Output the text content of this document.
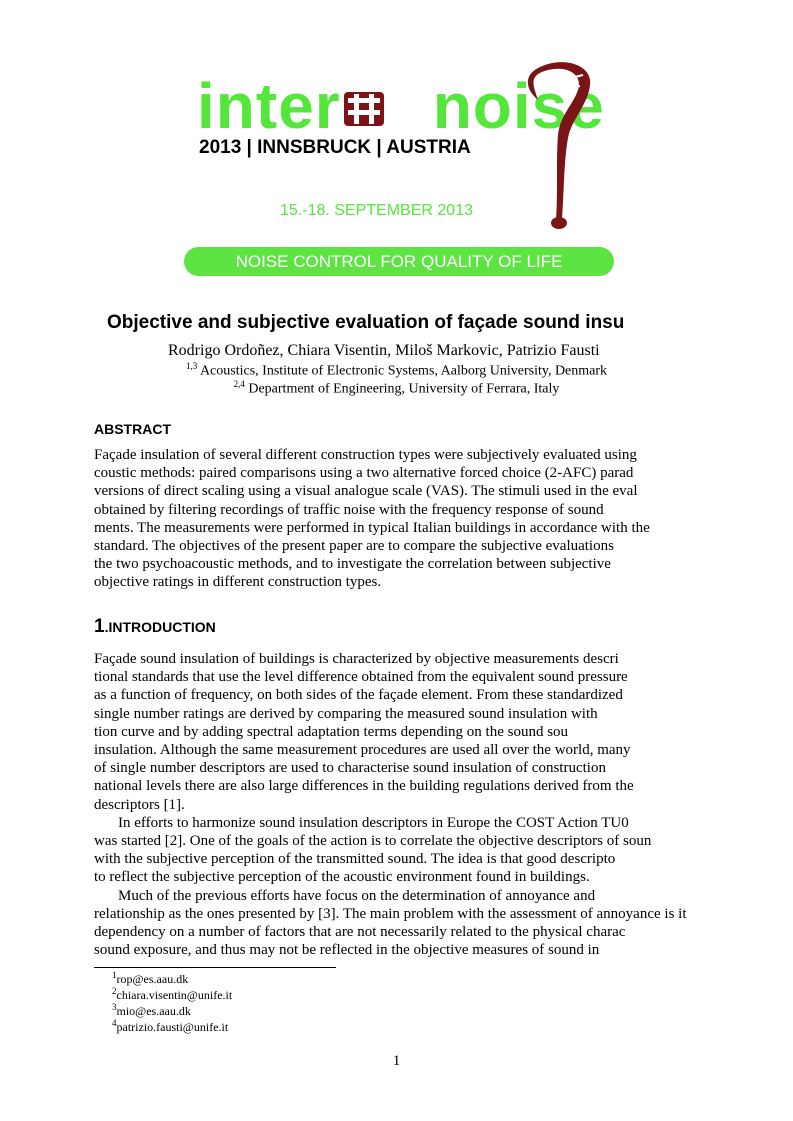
inter noise
2013 | INNSBRUCK | AUSTRIA
15.-18. SEPTEMBER 2013
NOISE CONTROL FOR QUALITY OF LIFE
Objective and subjective evaluation of façade sound insu
Rodrigo Ordoñez, Chiara Visentin, Miloš Markovic, Patrizio Fausti
$^{1,3}$ Acoustics, Institute of Electronic Systems, Aalborg University, Denmark
$^{2,4}$ Department of Engineering, University of Ferrara, Italy
ABSTRACT
Façade insulation of several different construction types were subjectively evaluated using
coustic methods: paired comparisons using a two alternative forced choice (2-AFC) parad
versions of direct scaling using a visual analogue scale (VAS). The stimuli used in the eval
obtained by filtering recordings of traffic noise with the frequency response of sound
ments. The measurements were performed in typical Italian buildings in accordance with the
standard. The objectives of the present paper are to compare the subjective evaluations
the two psychoacoustic methods, and to investigate the correlation between subjective
objective ratings in different construction types.
1.INTRODUCTION
Façade sound insulation of buildings is characterized by objective measurements descri
tional standards that use the level difference obtained from the equivalent sound pressure
as a function of frequency, on both sides of the façade element. From these standardized
single number ratings are derived by comparing the measured sound insulation with
tion curve and by adding spectral adaptation terms depending on the sound sou
insulation. Although the same measurement procedures are used all over the world, many
of single number descriptors are used to characterise sound insulation of construction
national levels there are also large differences in the building regulations derived from the
descriptors [1].
In efforts to harmonize sound insulation descriptors in Europe the COST Action TU0
was started [2]. One of the goals of the action is to correlate the objective descriptors of soun
with the subjective perception of the transmitted sound. The idea is that good descripto
to reflect the subjective perception of the acoustic environment found in buildings.
Much of the previous efforts have focus on the determination of annoyance and
relationship as the ones presented by [3]. The main problem with the assessment of annoyance is it
dependency on a number of factors that are not necessarily related to the physical charac
sound exposure, and thus may not be reflected in the objective measures of sound in
$^1$rop@es.aau.dk
$^2$chiara.visentin@unife.it
$^3$mio@es.aau.dk
$^4$patrizio.fausti@unife.it
1
